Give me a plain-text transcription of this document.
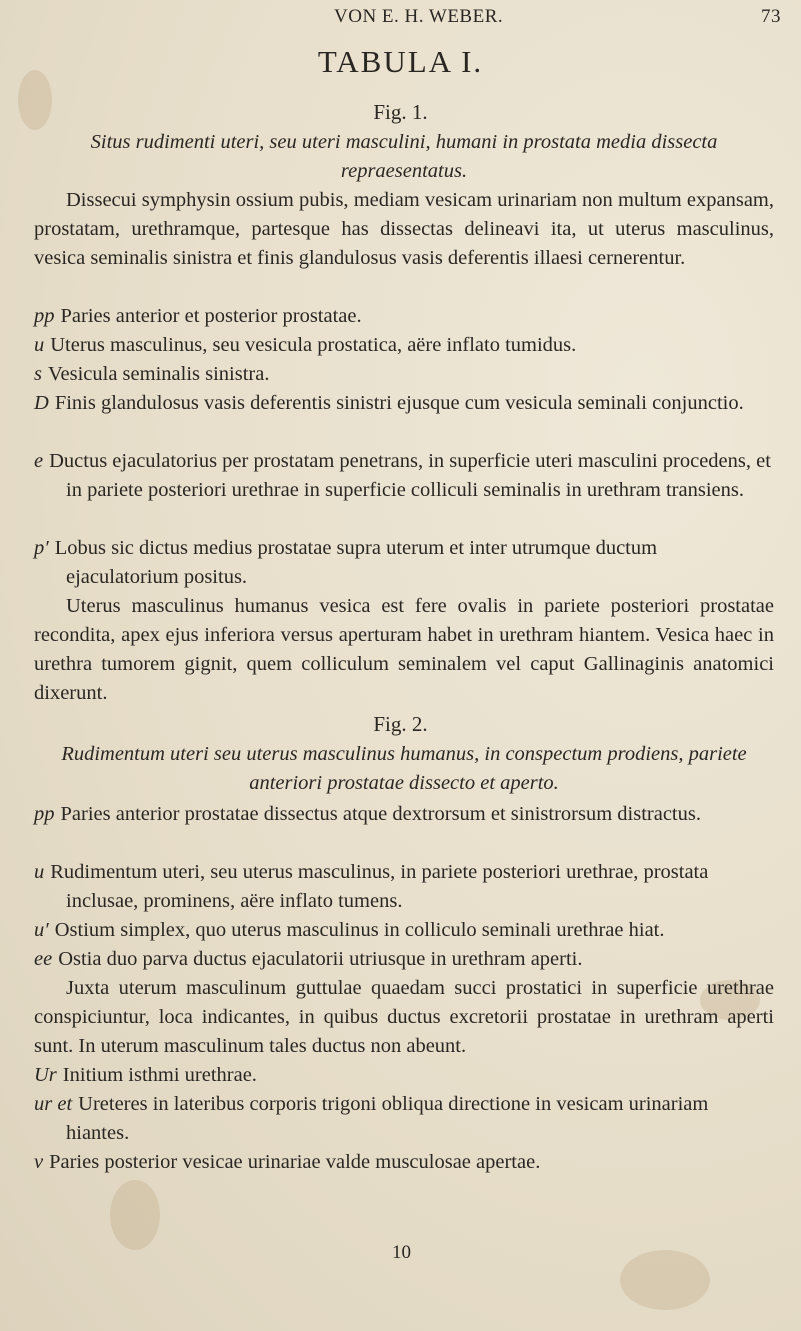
VON E. H. WEBER.	73
TABULA I.
Fig. 1.
Situs rudimenti uteri, seu uteri masculini, humani in prostata media dissecta repraesentatus.
Dissecui symphysin ossium pubis, mediam vesicam urinariam non multum expansam, prostatam, urethramque, partesque has dissectas delineavi ita, ut uterus masculinus, vesica seminalis sinistra et finis glandulosus vasis deferentis illaesi cernerentur.
pp Paries anterior et posterior prostatae.
u Uterus masculinus, seu vesicula prostatica, aëre inflato tumidus.
s Vesicula seminalis sinistra.
D Finis glandulosus vasis deferentis sinistri ejusque cum vesicula seminali conjunctio.
e Ductus ejaculatorius per prostatam penetrans, in superficie uteri masculini procedens, et in pariete posteriori urethrae in superficie colliculi seminalis in urethram transiens.
p′ Lobus sic dictus medius prostatae supra uterum et inter utrumque ductum ejaculatorium positus.
Uterus masculinus humanus vesica est fere ovalis in pariete posteriori prostatae recondita, apex ejus inferiora versus aperturam habet in urethram hiantem. Vesica haec in urethra tumorem gignit, quem colliculum seminalem vel caput Gallinaginis anatomici dixerunt.
Fig. 2.
Rudimentum uteri seu uterus masculinus humanus, in conspectum prodiens, pariete anteriori prostatae dissecto et aperto.
pp Paries anterior prostatae dissectus atque dextrorsum et sinistrorsum distractus.
u Rudimentum uteri, seu uterus masculinus, in pariete posteriori urethrae, prostata inclusae, prominens, aëre inflato tumens.
u′ Ostium simplex, quo uterus masculinus in colliculo seminali urethrae hiat.
ee Ostia duo parva ductus ejaculatorii utriusque in urethram aperti.
Juxta uterum masculinum guttulae quaedam succi prostatici in superficie urethrae conspiciuntur, loca indicantes, in quibus ductus excretorii prostatae in urethram aperti sunt. In uterum masculinum tales ductus non abeunt.
Ur Initium isthmi urethrae.
ur et Ureteres in lateribus corporis trigoni obliqua directione in vesicam urinariam hiantes.
v Paries posterior vesicae urinariae valde musculosae apertae.
10
